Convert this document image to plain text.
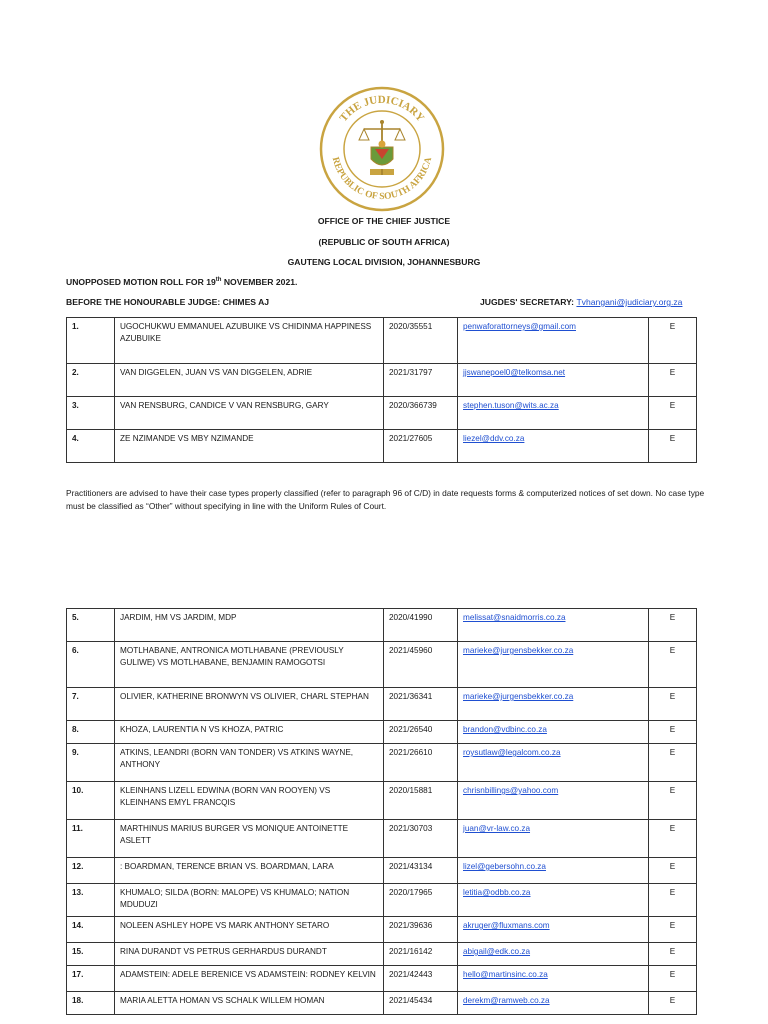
THE JUDICIARY
REPUBLIC OF SOUTH AFRICA
OFFICE OF THE CHIEF JUSTICE
(REPUBLIC OF SOUTH AFRICA)
GAUTENG LOCAL DIVISION, JOHANNESBURG
UNOPPOSED MOTION ROLL FOR 19th NOVEMBER 2021.
BEFORE THE HONOURABLE JUDGE: CHIMES AJ	JUGDES' SECRETARY: Tvhangani@judiciary.org.za
1.	UGOCHUKWU EMMANUEL AZUBUIKE VS CHIDINMA HAPPINESS AZUBUIKE	2020/35551	penwaforattorneys@gmail.com	E
2.	VAN DIGGELEN, JUAN VS VAN DIGGELEN, ADRIE	2021/31797	jjswanepoel0@telkomsa.net	E
3.	VAN RENSBURG, CANDICE V VAN RENSBURG, GARY	2020/366739	stephen.tuson@wits.ac.za	E
4.	ZE NZIMANDE VS MBY NZIMANDE	2021/27605	liezel@ddv.co.za	E
Practitioners are advised to have their case types properly classified (refer to paragraph 96 of C/D) in date requests forms & computerized notices of set down. No case type must be classified as “Other” without specifying in line with the Uniform Rules of Court.
5.	JARDIM, HM VS JARDIM, MDP	2020/41990	melissat@snaidmorris.co.za	E
6.	MOTLHABANE, ANTRONICA MOTLHABANE (PREVIOUSLY GULIWE) VS MOTLHABANE, BENJAMIN RAMOGOTSI	2021/45960	marieke@jurgensbekker.co.za	E
7.	OLIVIER, KATHERINE BRONWYN VS OLIVIER, CHARL STEPHAN	2021/36341	marieke@jurgensbekker.co.za	E
8.	KHOZA, LAURENTIA N VS KHOZA, PATRIC	2021/26540	brandon@vdbinc.co.za	E
9.	ATKINS, LEANDRI (BORN VAN TONDER) VS ATKINS WAYNE, ANTHONY	2021/26610	roysutlaw@legalcom.co.za	E
10.	KLEINHANS LIZELL EDWINA (BORN VAN ROOYEN) VS KLEINHANS EMYL FRANCQIS	2020/15881	chrisnbillings@yahoo.com	E
11.	MARTHINUS MARIUS BURGER VS MONIQUE ANTOINETTE ASLETT	2021/30703	juan@vr-law.co.za	E
12.	: BOARDMAN, TERENCE BRIAN VS. BOARDMAN, LARA	2021/43134	lizel@gebersohn.co.za	E
13.	KHUMALO; SILDA (BORN: MALOPE) VS KHUMALO; NATION MDUDUZI	2020/17965	letitia@odbb.co.za	E
14.	NOLEEN ASHLEY HOPE VS MARK ANTHONY SETARO	2021/39636	akruger@fluxmans.com	E
15.	RINA DURANDT VS PETRUS GERHARDUS DURANDT	2021/16142	abigail@edk.co.za	E
17.	ADAMSTEIN: ADELE BERENICE VS ADAMSTEIN: RODNEY KELVIN	2021/42443	hello@martinsinc.co.za	E
18.	MARIA ALETTA HOMAN VS SCHALK WILLEM HOMAN	2021/45434	derekm@ramweb.co.za	E
